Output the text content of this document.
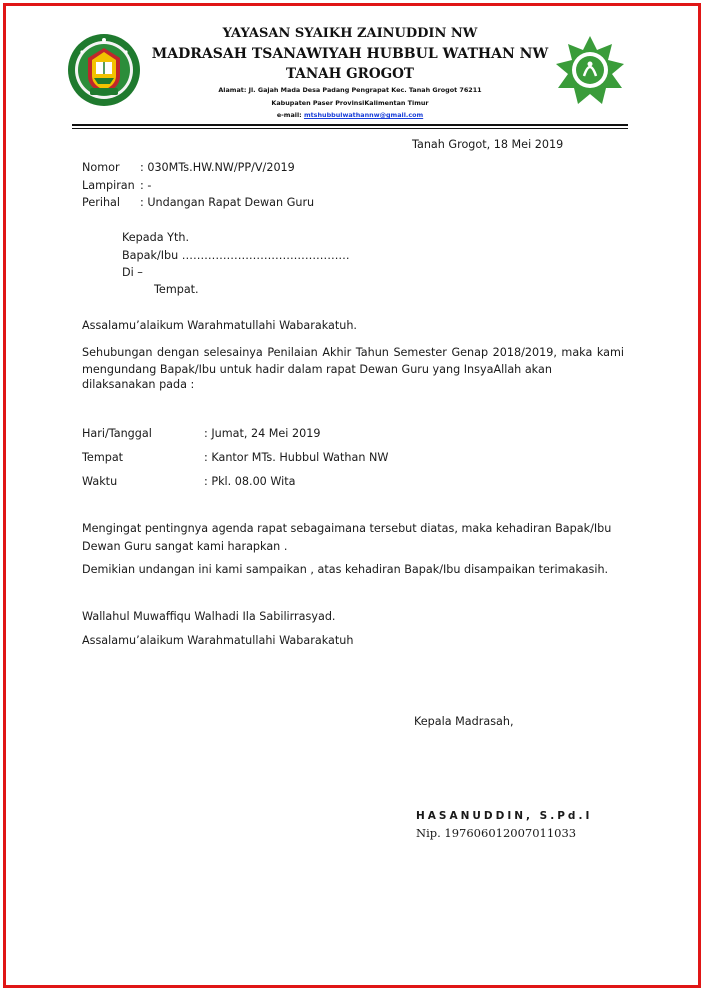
YAYASAN SYAIKH ZAINUDDIN NW
MADRASAH TSANAWIYAH HUBBUL WATHAN NW
TANAH GROGOT
Alamat: Jl. Gajah Mada Desa Padang Pengrapat Kec. Tanah Grogot 76211
Kabupaten Paser ProvinsiKalimentan Timur
e-mail: mtshubbulwathannw@gmail.com
Tanah Grogot, 18 Mei 2019
Nomor : 030MTs.HW.NW/PP/V/2019
Lampiran : -
Perihal : Undangan Rapat Dewan Guru
Kepada Yth.
Bapak/Ibu ………………………………………
Di –
Tempat.
Assalamu’alaikum Warahmatullahi Wabarakatuh.
Sehubungan dengan selesainya Penilaian Akhir Tahun Semester Genap 2018/2019, maka kami mengundang Bapak/Ibu untuk hadir dalam rapat Dewan Guru yang InsyaAllah akan
dilaksanakan pada :
Hari/Tanggal	: Jumat, 24 Mei 2019
Tempat	: Kantor MTs. Hubbul Wathan NW
Waktu	: Pkl. 08.00 Wita
Mengingat pentingnya agenda rapat sebagaimana tersebut diatas, maka kehadiran Bapak/Ibu
Dewan Guru sangat kami harapkan .
Demikian undangan ini kami sampaikan , atas kehadiran Bapak/Ibu disampaikan terimakasih.
Wallahul Muwaffiqu Walhadi Ila Sabilirrasyad.
Assalamu’alaikum Warahmatullahi Wabarakatuh
Kepala Madrasah,
HASANUDDIN, S.Pd.I
Nip. 197606012007011033
